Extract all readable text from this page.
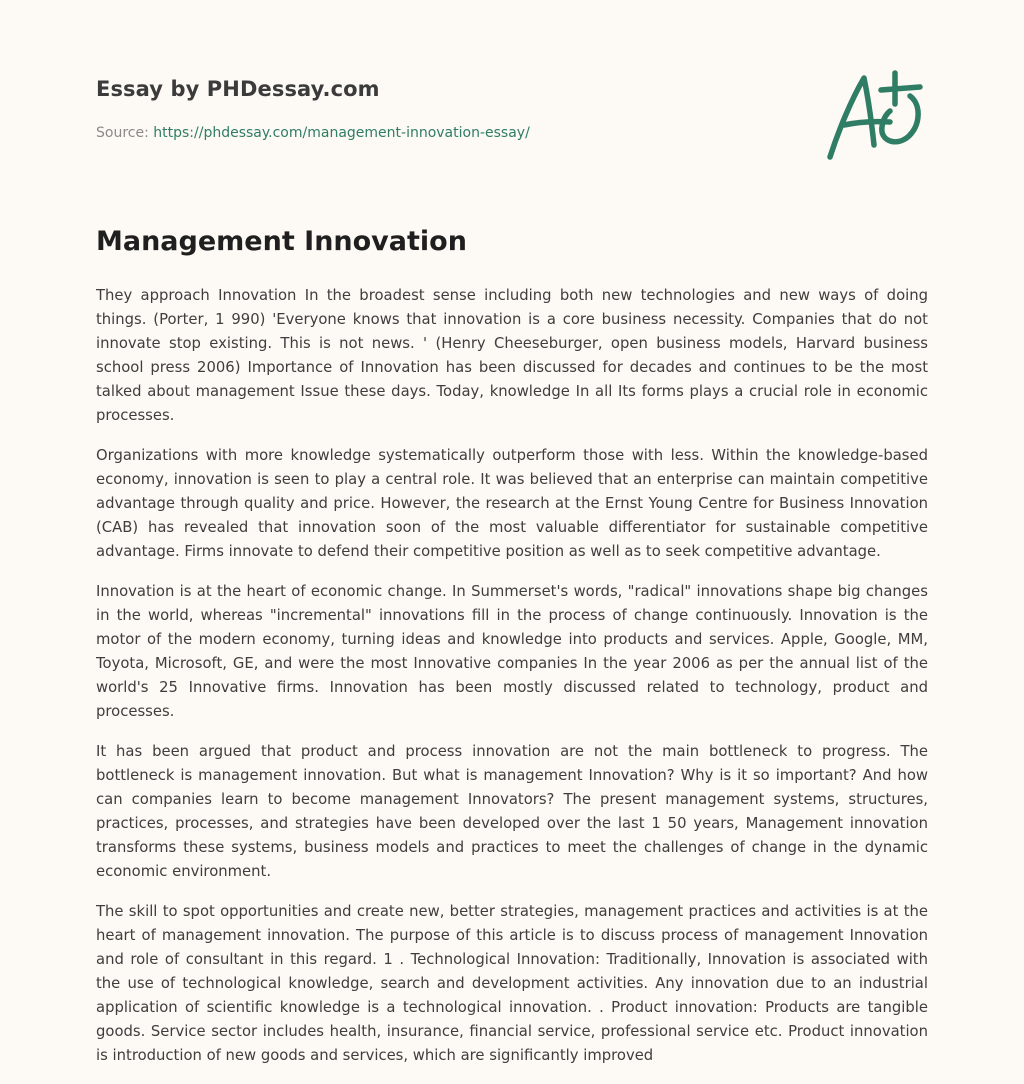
Essay by PHDessay.com
Source: https://phdessay.com/management-innovation-essay/
Management Innovation

They approach Innovation In the broadest sense including both new technologies and new ways of doing things. (Porter, 1 990) 'Everyone knows that innovation is a core business necessity. Companies that do not innovate stop existing. This is not news. ' (Henry Cheeseburger, open business models, Harvard business school press 2006) Importance of Innovation has been discussed for decades and continues to be the most talked about management Issue these days. Today, knowledge In all Its forms plays a crucial role in economic processes.

Organizations with more knowledge systematically outperform those with less. Within the knowledge-based economy, innovation is seen to play a central role. It was believed that an enterprise can maintain competitive advantage through quality and price. However, the research at the Ernst Young Centre for Business Innovation (CAB) has revealed that innovation soon of the most valuable differentiator for sustainable competitive advantage. Firms innovate to defend their competitive position as well as to seek competitive advantage.

Innovation is at the heart of economic change. In Summerset's words, "radical" innovations shape big changes in the world, whereas "incremental" innovations fill in the process of change continuously. Innovation is the motor of the modern economy, turning ideas and knowledge into products and services. Apple, Google, MM, Toyota, Microsoft, GE, and were the most Innovative companies In the year 2006 as per the annual list of the world's 25 Innovative firms. Innovation has been mostly discussed related to technology, product and processes.

It has been argued that product and process innovation are not the main bottleneck to progress. The bottleneck is management innovation. But what is management Innovation? Why is it so important? And how can companies learn to become management Innovators? The present management systems, structures, practices, processes, and strategies have been developed over the last 1 50 years, Management innovation transforms these systems, business models and practices to meet the challenges of change in the dynamic economic environment.

The skill to spot opportunities and create new, better strategies, management practices and activities is at the heart of management innovation. The purpose of this article is to discuss process of management Innovation and role of consultant in this regard. 1 . Technological Innovation: Traditionally, Innovation is associated with the use of technological knowledge, search and development activities. Any innovation due to an industrial application of scientific knowledge is a technological innovation. . Product innovation: Products are tangible goods. Service sector includes health, insurance, financial service, professional service etc. Product innovation is introduction of new goods and services, which are significantly improved
